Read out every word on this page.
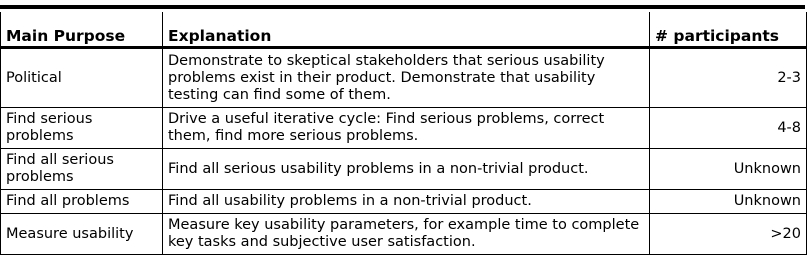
Main Purpose	Explanation	# participants
Political	Demonstrate to skeptical stakeholders that serious usability problems exist in their product. Demonstrate that usability testing can find some of them.	2-3
Find serious problems	Drive a useful iterative cycle: Find serious problems, correct them, find more serious problems.	4-8
Find all serious problems	Find all serious usability problems in a non-trivial product.	Unknown
Find all problems	Find all usability problems in a non-trivial product.	Unknown
Measure usability	Measure key usability parameters, for example time to complete key tasks and subjective user satisfaction.	>20
